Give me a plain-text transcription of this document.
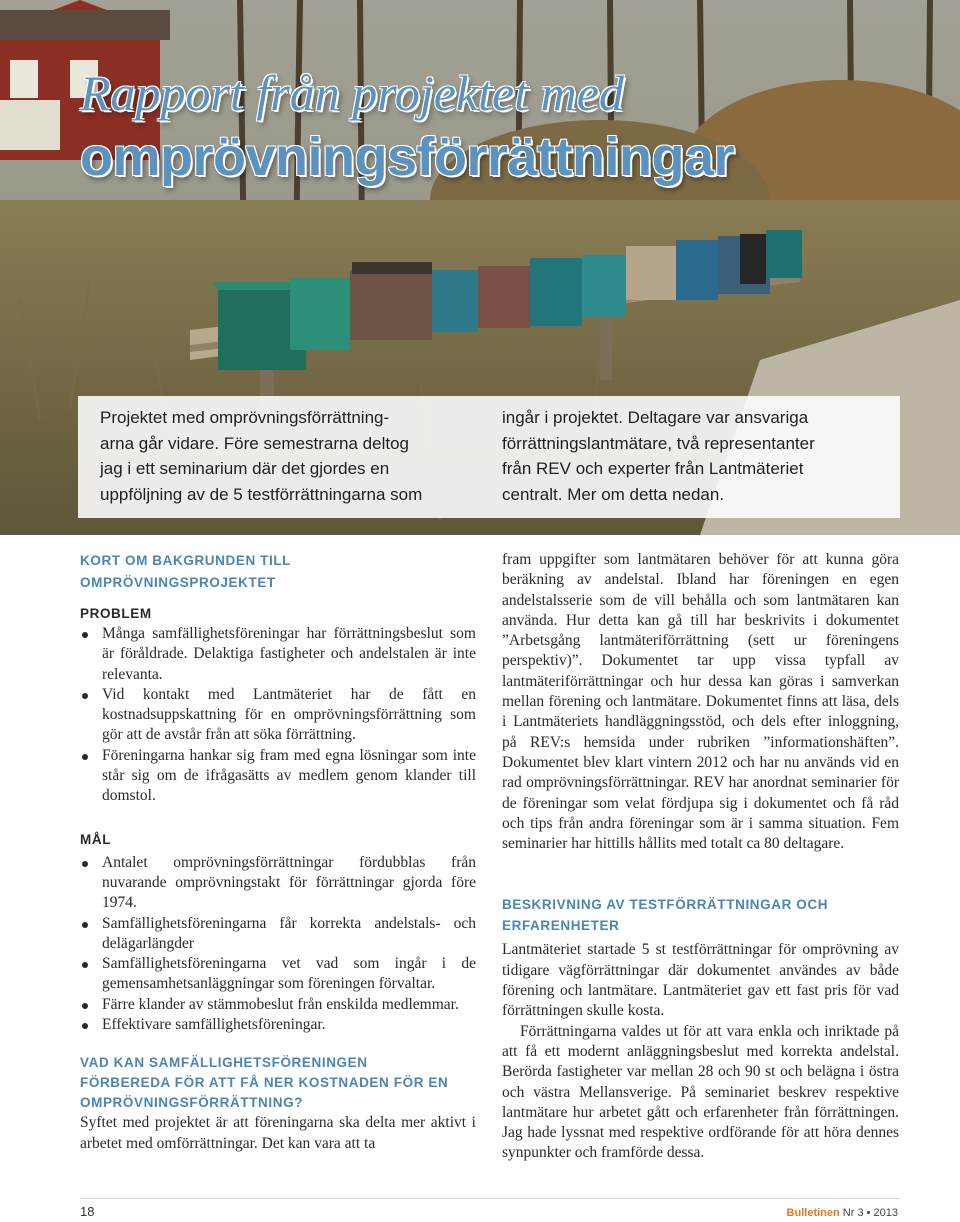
Rapport från projektet med
omprövningsförrättningar
Projektet med omprövningsförrättning-
arna går vidare. Före semestrarna deltog
jag i ett seminarium där det gjordes en
uppföljning av de 5 testförrättningarna som
ingår i projektet. Deltagare var ansvariga
förrättningslantmätare, två representanter
från REV och experter från Lantmäteriet
centralt. Mer om detta nedan.
KORT OM BAKGRUNDEN TILL
OMPRÖVNINGSPROJEKTET
PROBLEM
Många samfällighetsföreningar har förrättningsbeslut som är föråldrade. Delaktiga fastigheter och andelstalen är inte relevanta.
Vid kontakt med Lantmäteriet har de fått en kostnadsuppskattning för en omprövningsförrättning som gör att de avstår från att söka förrättning.
Föreningarna hankar sig fram med egna lösningar som inte står sig om de ifrågasätts av medlem genom klander till domstol.
MÅL
Antalet omprövningsförrättningar fördubblas från nuvarande omprövningstakt för förrättningar gjorda före 1974.
Samfällighetsföreningarna får korrekta andelstals- och delägarlängder
Samfällighetsföreningarna vet vad som ingår i de gemensamhetsanläggningar som föreningen förvaltar.
Färre klander av stämmobeslut från enskilda medlemmar.
Effektivare samfällighetsföreningar.
VAD KAN SAMFÄLLIGHETSFÖRENINGEN
FÖRBEREDA FÖR ATT FÅ NER KOSTNADEN FÖR EN
OMPRÖVNINGSFÖRRÄTTNING?

Syftet med projektet är att föreningarna ska delta mer aktivt i arbetet med omförrättningar. Det kan vara att ta

fram uppgifter som lantmätaren behöver för att kunna göra beräkning av andelstal. Ibland har föreningen en egen andelstalsserie som de vill behålla och som lantmätaren kan använda. Hur detta kan gå till har beskrivits i dokumentet ”Arbetsgång lantmäteriförrättning (sett ur föreningens perspektiv)”. Dokumentet tar upp vissa typfall av lantmäteriförrättningar och hur dessa kan göras i samverkan mellan förening och lantmätare. Dokumentet finns att läsa, dels i Lantmäteriets handläggningsstöd, och dels efter inloggning, på REV:s hemsida under rubriken ”informationshäften”. Dokumentet blev klart vintern 2012 och har nu används vid en rad omprövningsförrättningar. REV har anordnat seminarier för de föreningar som velat fördjupa sig i dokumentet och få råd och tips från andra föreningar som är i samma situation. Fem seminarier har hittills hållits med totalt ca 80 deltagare.

BESKRIVNING AV TESTFÖRRÄTTNINGAR OCH
ERFARENHETER

Lantmäteriet startade 5 st testförrättningar för omprövning av tidigare vägförrättningar där dokumentet användes av både förening och lantmätare. Lantmäteriet gav ett fast pris för vad förrättningen skulle kosta.

Förrättningarna valdes ut för att vara enkla och inriktade på att få ett modernt anläggningsbeslut med korrekta andelstal. Berörda fastigheter var mellan 28 och 90 st och belägna i östra och västra Mellansverige. På seminariet beskrev respektive lantmätare hur arbetet gått och erfarenheter från förrättningen. Jag hade lyssnat med respektive ordförande för att höra dennes synpunkter och framförde dessa.

18	Bulletinen Nr 3 • 2013
